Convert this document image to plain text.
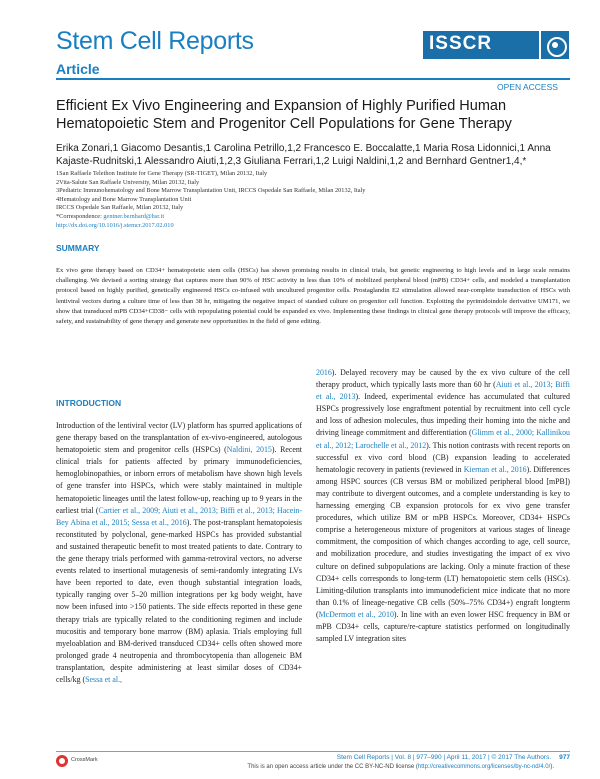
Stem Cell Reports
Article
ISSCR
OPEN ACCESS
Efficient Ex Vivo Engineering and Expansion of Highly Purified Human Hematopoietic Stem and Progenitor Cell Populations for Gene Therapy
Erika Zonari,1 Giacomo Desantis,1 Carolina Petrillo,1,2 Francesco E. Boccalatte,1 Maria Rosa Lidonnici,1 Anna Kajaste-Rudnitski,1 Alessandro Aiuti,1,2,3 Giuliana Ferrari,1,2 Luigi Naldini,1,2 and Bernhard Gentner1,4,*
1San Raffaele Telethon Institute for Gene Therapy (SR-TIGET), Milan 20132, Italy
2Vita-Salute San Raffaele University, Milan 20132, Italy
3Pediatric Immunohematology and Bone Marrow Transplantation Unit, IRCCS Ospedale San Raffaele, Milan 20132, Italy
4Hematology and Bone Marrow Transplantation Unit
IRCCS Ospedale San Raffaele, Milan 20132, Italy
*Correspondence: gentner.bernhard@hsr.it
http://dx.doi.org/10.1016/j.stemcr.2017.02.010
SUMMARY
Ex vivo gene therapy based on CD34+ hematopoietic stem cells (HSCs) has shown promising results in clinical trials, but genetic engineering to high levels and in large scale remains challenging. We devised a sorting strategy that captures more than 90% of HSC activity in less than 10% of mobilized peripheral blood (mPB) CD34+ cells, and modeled a transplantation protocol based on highly purified, genetically engineered HSCs co-infused with uncultured progenitor cells. Prostaglandin E2 stimulation allowed near-complete transduction of HSCs with lentiviral vectors during a culture time of less than 38 hr, mitigating the negative impact of standard culture on progenitor cell function. Exploiting the pyrimidoindole derivative UM171, we show that transduced mPB CD34+CD38− cells with repopulating potential could be expanded ex vivo. Implementing these findings in clinical gene therapy protocols will improve the efficacy, safety, and sustainability of gene therapy and generate new opportunities in the field of gene editing.
INTRODUCTION
Introduction of the lentiviral vector (LV) platform has spurred applications of gene therapy based on the transplantation of ex-vivo-engineered, autologous hematopoietic stem and progenitor cells (HSPCs) (Naldini, 2015). Recent clinical trials for patients affected by primary immunodeficiencies, hemoglobinopathies, or inborn errors of metabolism have shown high levels of gene transfer into HSPCs, which were stably maintained in multiple hematopoietic lineages until the latest follow-up, reaching up to 9 years in the earliest trial (Cartier et al., 2009; Aiuti et al., 2013; Biffi et al., 2013; Hacein-Bey Abina et al., 2015; Sessa et al., 2016). The post-transplant hematopoiesis reconstituted by polyclonal, gene-marked HSPCs has provided substantial and sustained therapeutic benefit to most treated patients to date. Contrary to the gene therapy trials performed with gamma-retroviral vectors, no adverse events related to insertional mutagenesis of semi-randomly integrating LVs have been reported to date, even though substantial integration loads, typically ranging over 5–20 million integrations per kg body weight, have now been infused into >150 patients. The side effects reported in these gene therapy trials are typically related to the conditioning regimen and include mucositis and temporary bone marrow (BM) aplasia. Trials employing full myeloablation and BM-derived transduced CD34+ cells often showed more prolonged grade 4 neutropenia and thrombocytopenia than allogeneic BM transplantation, despite administering at least similar doses of CD34+ cells/kg (Sessa et al.,
2016). Delayed recovery may be caused by the ex vivo culture of the cell therapy product, which typically lasts more than 60 hr (Aiuti et al., 2013; Biffi et al., 2013). Indeed, experimental evidence has accumulated that cultured HSPCs progressively lose engraftment potential by recruitment into cell cycle and loss of adhesion molecules, thus impeding their homing into the niche and driving lineage commitment and differentiation (Glimm et al., 2000; Kallinikou et al., 2012; Larochelle et al., 2012). This notion contrasts with recent reports on successful ex vivo cord blood (CB) expansion leading to accelerated hematologic recovery in patients (reviewed in Kiernan et al., 2016). Differences among HSPC sources (CB versus BM or mobilized peripheral blood [mPB]) may contribute to divergent outcomes, and a complete understanding is key to harnessing emerging CB expansion protocols for ex vivo gene transfer procedures, which utilize BM or mPB HSPCs. Moreover, CD34+ HSPCs comprise a heterogeneous mixture of progenitors at various stages of lineage commitment, the composition of which changes according to age, cell source, and mobilization procedure, and studies investigating the impact of ex vivo culture on defined subpopulations are lacking. Only a minute fraction of these CD34+ cells corresponds to long-term (LT) hematopoietic stem cells (HSCs). Limiting-dilution transplants into immunodeficient mice indicate that no more than 0.1% of lineage-negative CB cells (50%–75% CD34+) engraft longterm (McDermott et al., 2010). In line with an even lower HSC frequency in BM or mPB CD34+ cells, capture/re-capture statistics performed on longitudinally sampled LV integration sites
CrossMark	Stem Cell Reports | Vol. 8 | 977–990 | April 11, 2017 | © 2017 The Authors. 977
This is an open access article under the CC BY-NC-ND license (http://creativecommons.org/licenses/by-nc-nd/4.0/).
